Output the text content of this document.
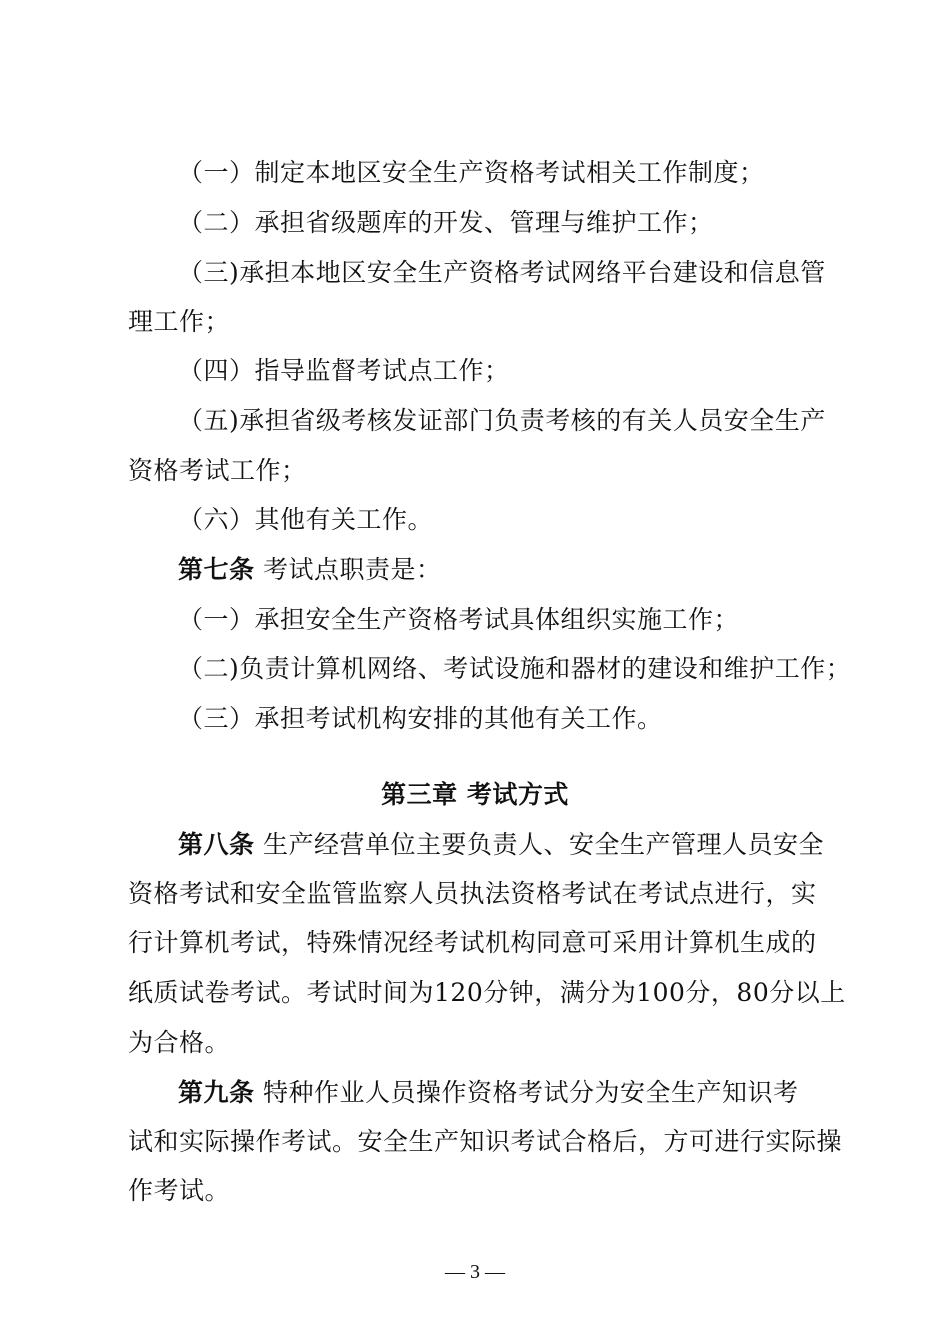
（一）制定本地区安全生产资格考试相关工作制度；
（二）承担省级题库的开发、管理与维护工作；
（三)承担本地区安全生产资格考试网络平台建设和信息管
理工作；
（四）指导监督考试点工作；
（五)承担省级考核发证部门负责考核的有关人员安全生产
资格考试工作；
（六）其他有关工作。
第七条 考试点职责是：
（一）承担安全生产资格考试具体组织实施工作；
（二)负责计算机网络、考试设施和器材的建设和维护工作；
（三）承担考试机构安排的其他有关工作。
第三章 考试方式
第八条 生产经营单位主要负责人、安全生产管理人员安全
资格考试和安全监管监察人员执法资格考试在考试点进行，实
行计算机考试，特殊情况经考试机构同意可采用计算机生成的
纸质试卷考试。考试时间为120分钟，满分为100分，80分以上
为合格。
第九条 特种作业人员操作资格考试分为安全生产知识考
试和实际操作考试。安全生产知识考试合格后，方可进行实际操
作考试。
— 3 —
